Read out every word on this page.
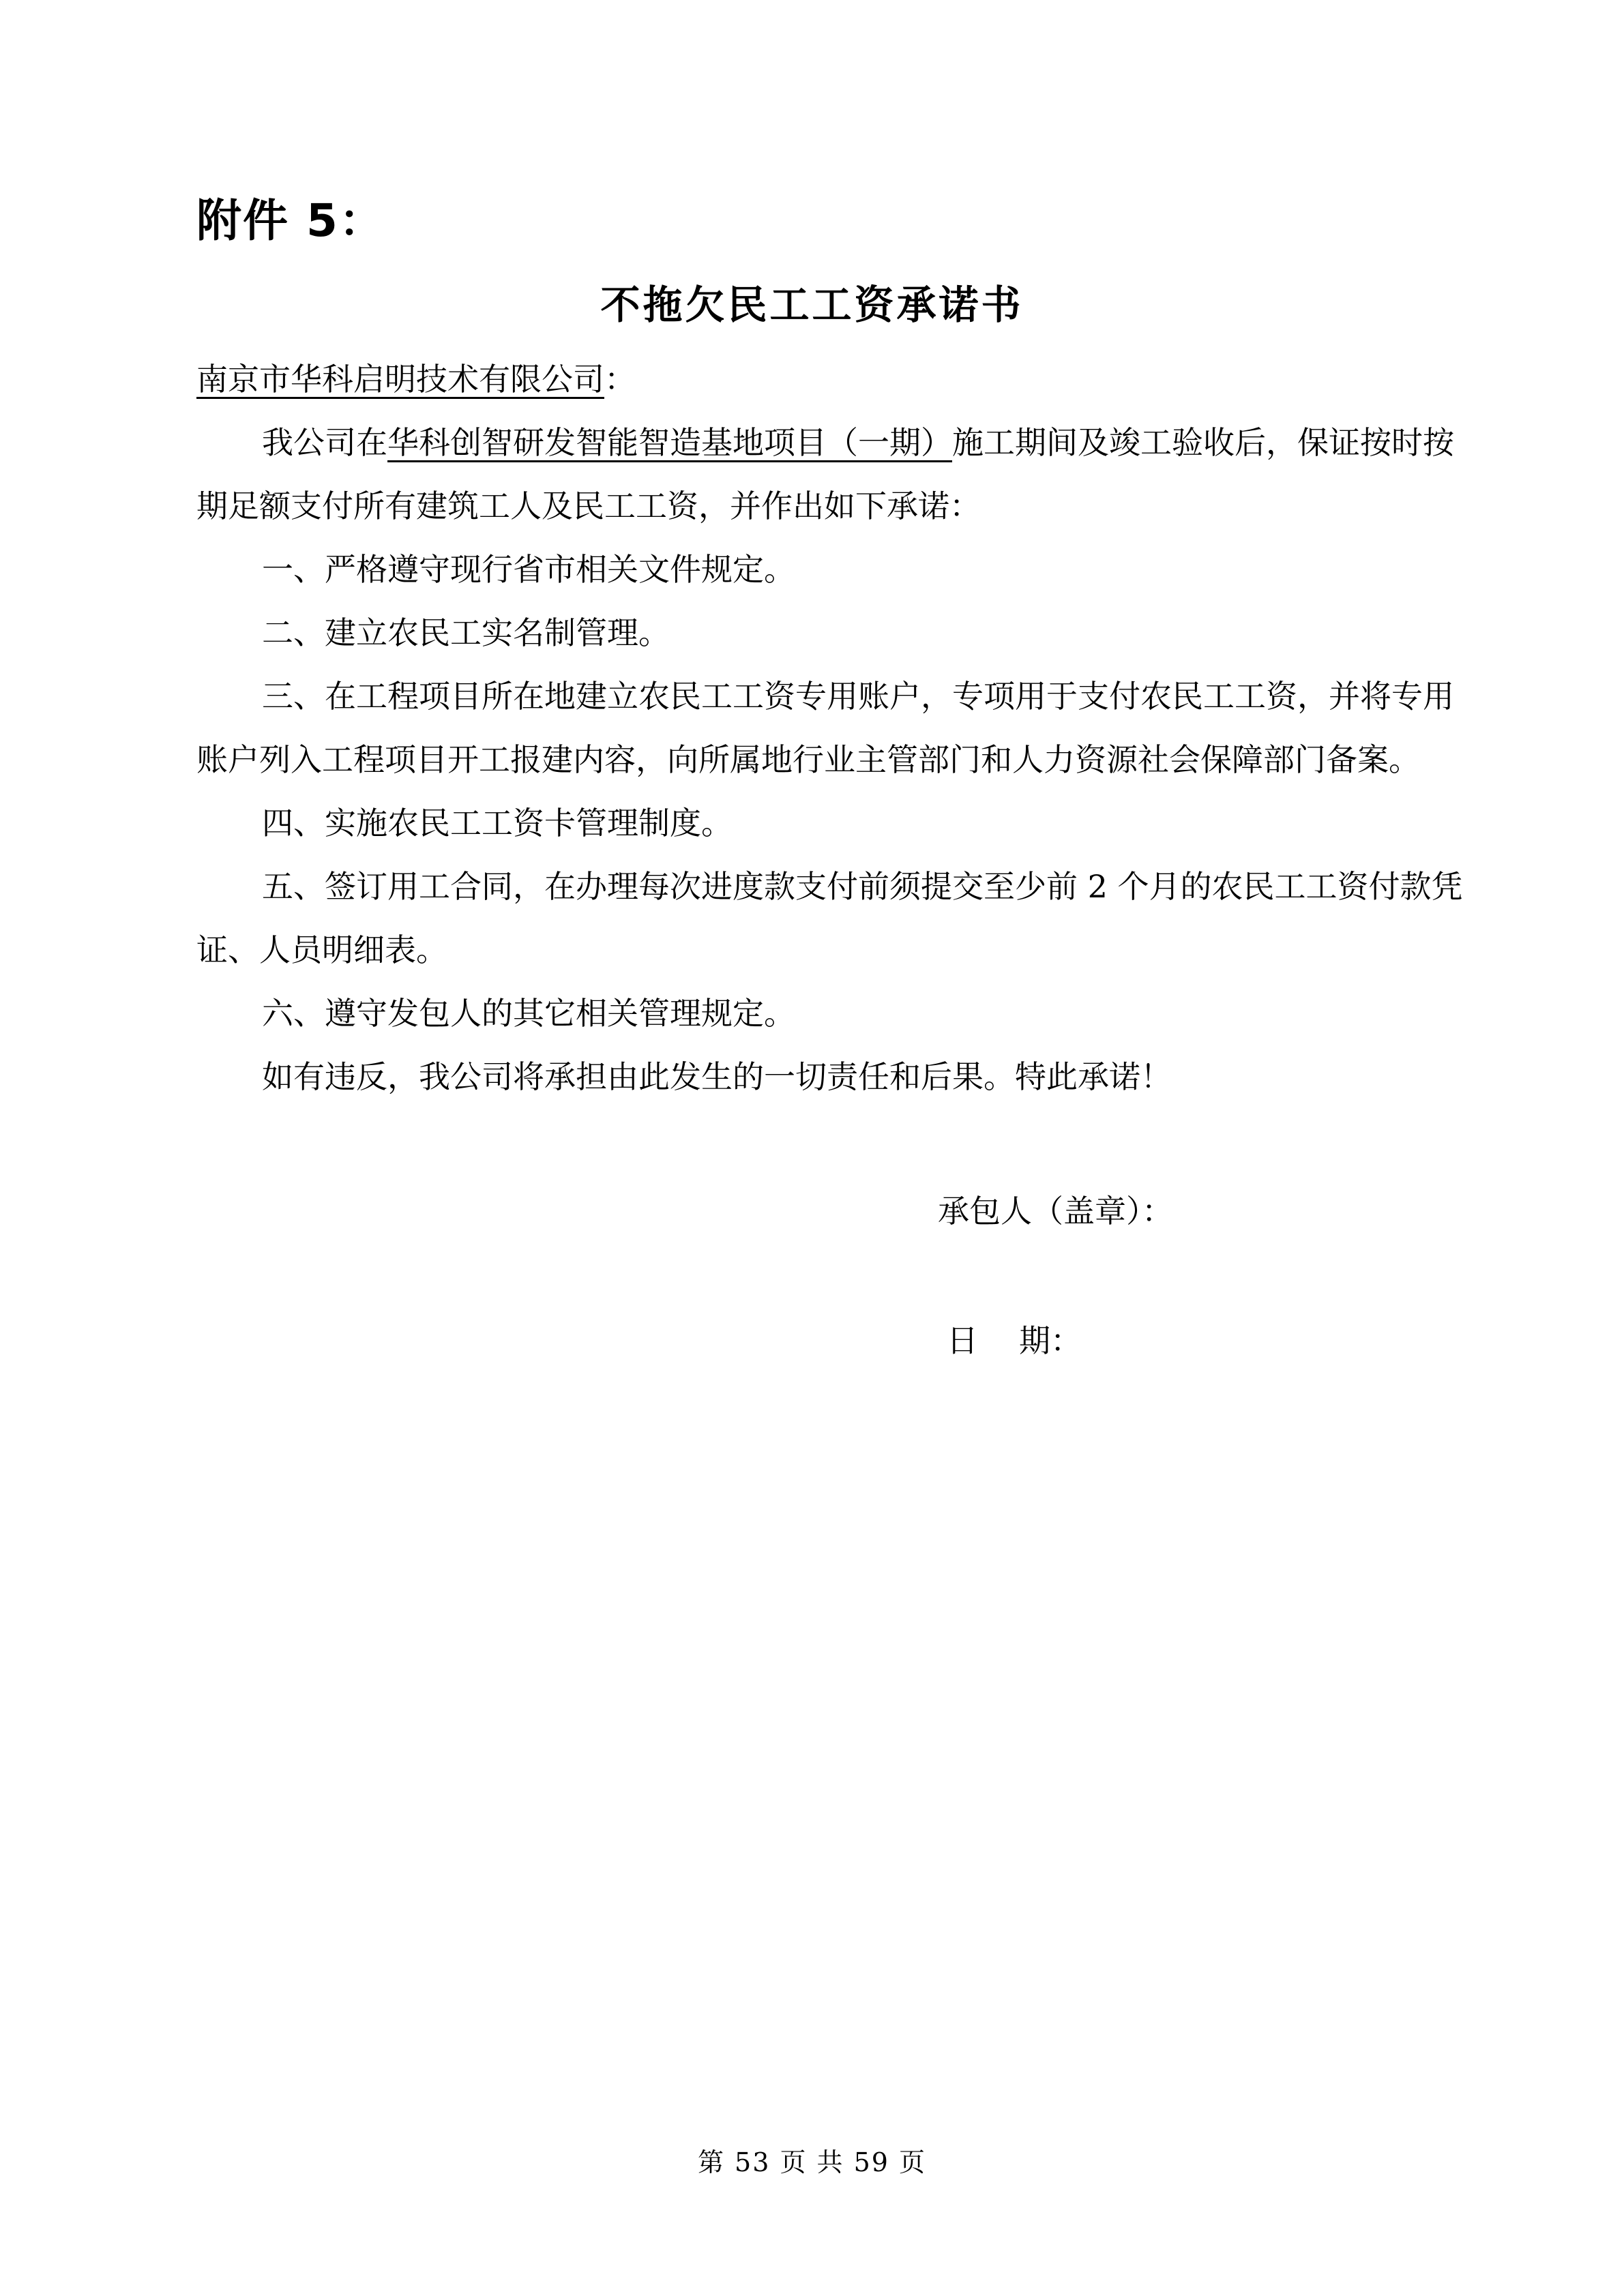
附件 5：
不拖欠民工工资承诺书
南京市华科启明技术有限公司：
我公司在华科创智研发智能智造基地项目（一期）施工期间及竣工验收后，保证按时按
期足额支付所有建筑工人及民工工资，并作出如下承诺：
一、严格遵守现行省市相关文件规定。
二、建立农民工实名制管理。
三、在工程项目所在地建立农民工工资专用账户，专项用于支付农民工工资，并将专用
账户列入工程项目开工报建内容，向所属地行业主管部门和人力资源社会保障部门备案。
四、实施农民工工资卡管理制度。
五、签订用工合同，在办理每次进度款支付前须提交至少前 2 个月的农民工工资付款凭
证、人员明细表。
六、遵守发包人的其它相关管理规定。
如有违反，我公司将承担由此发生的一切责任和后果。特此承诺！
承包人（盖章）：
日 期：
第 53 页 共 59 页
